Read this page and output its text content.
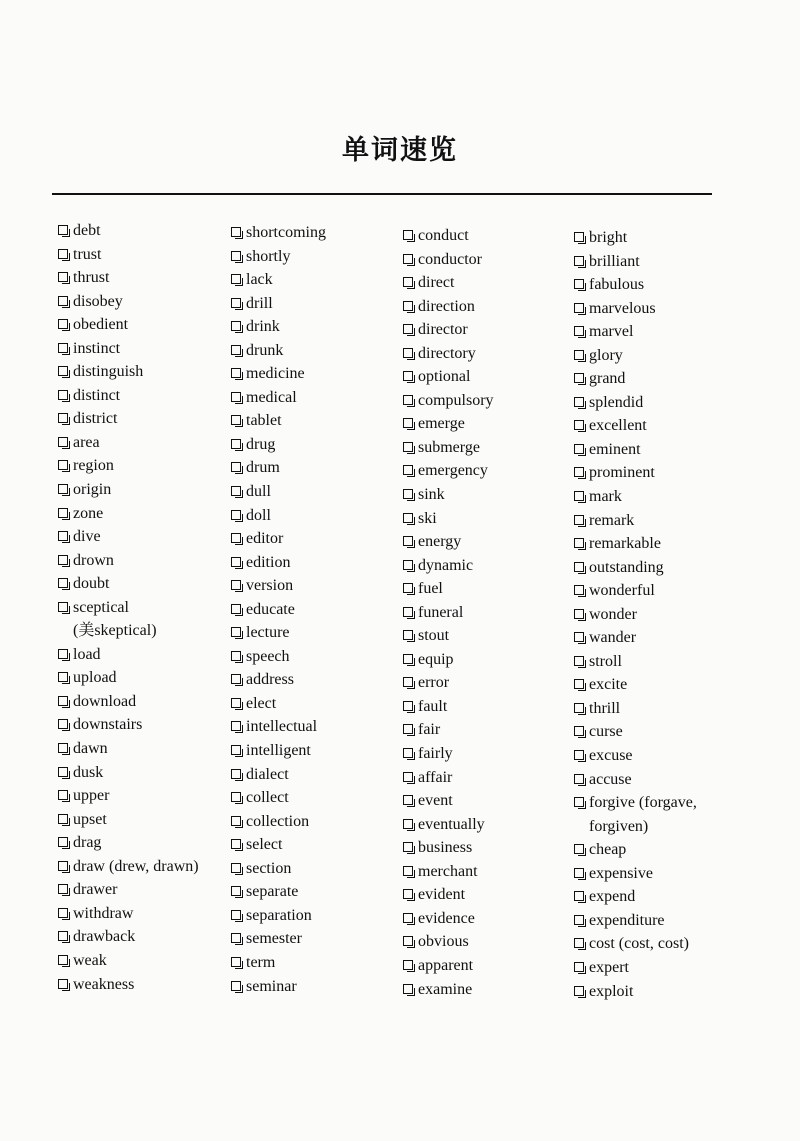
单词速览
debt
trust
thrust
disobey
obedient
instinct
distinguish
distinct
district
area
region
origin
zone
dive
drown
doubt
sceptical
(美skeptical)
load
upload
download
downstairs
dawn
dusk
upper
upset
drag
draw (drew, drawn)
drawer
withdraw
drawback
weak
weakness
shortcoming
shortly
lack
drill
drink
drunk
medicine
medical
tablet
drug
drum
dull
doll
editor
edition
version
educate
lecture
speech
address
elect
intellectual
intelligent
dialect
collect
collection
select
section
separate
separation
semester
term
seminar
conduct
conductor
direct
direction
director
directory
optional
compulsory
emerge
submerge
emergency
sink
ski
energy
dynamic
fuel
funeral
stout
equip
error
fault
fair
fairly
affair
event
eventually
business
merchant
evident
evidence
obvious
apparent
examine
bright
brilliant
fabulous
marvelous
marvel
glory
grand
splendid
excellent
eminent
prominent
mark
remark
remarkable
outstanding
wonderful
wonder
wander
stroll
excite
thrill
curse
excuse
accuse
forgive (forgave,
forgiven)
cheap
expensive
expend
expenditure
cost (cost, cost)
expert
exploit
